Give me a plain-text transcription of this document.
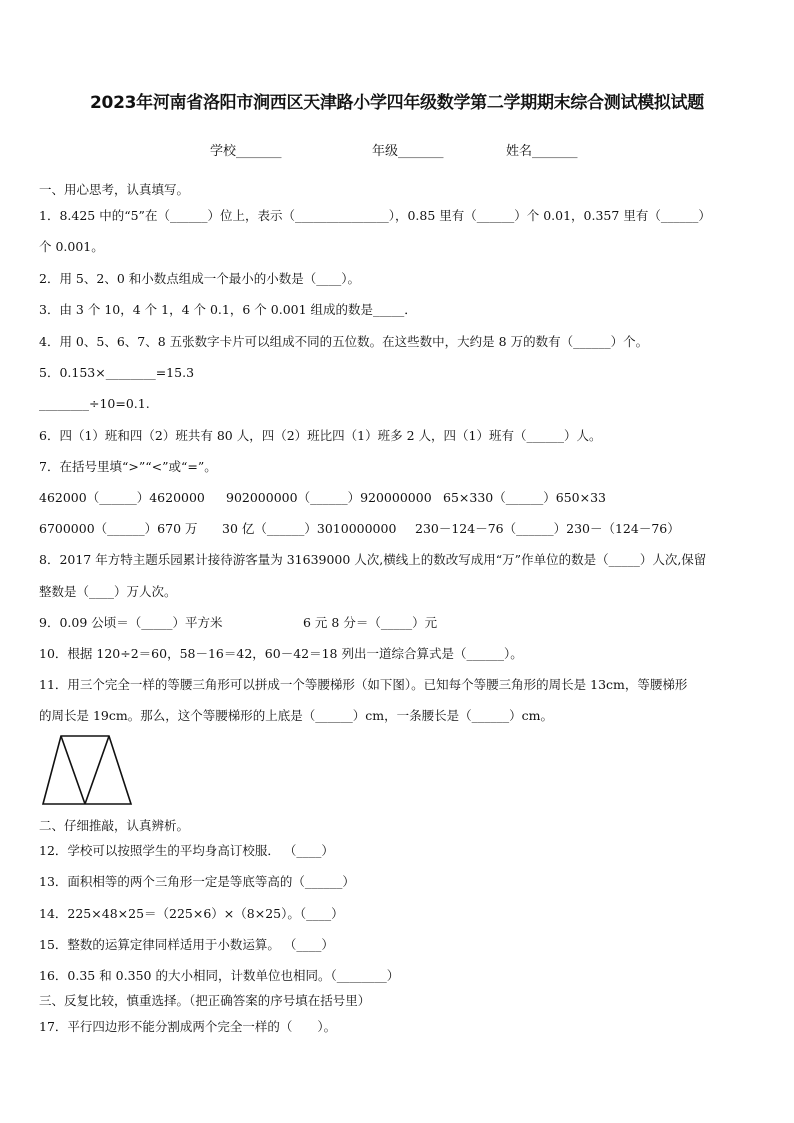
2023年河南省洛阳市涧西区天津路小学四年级数学第二学期期末综合测试模拟试题
学校_______	年级_______	姓名_______
一、用心思考，认真填写。
1．8.425 中的“5”在（______）位上，表示（_______________），0.85 里有（______）个 0.01，0.357 里有（______）
个 0.001。
2．用 5、2、0 和小数点组成一个最小的小数是（____）。
3．由 3 个 10，4 个 1，4 个 0.1，6 个 0.001 组成的数是_____．
4．用 0、5、6、7、8 五张数字卡片可以组成不同的五位数。在这些数中，大约是 8 万的数有（______）个。
5．0.153×________=15.3
________÷10=0.1.
6．四（1）班和四（2）班共有 80 人，四（2）班比四（1）班多 2 人，四（1）班有（______）人。
7．在括号里填“>”“<”或“=”。
462000（______）4620000 902000000（______）920000000 65×330（______）650×33
6700000（______）670 万 30 亿（______）3010000000 230－124－76（______）230－（124－76）
8．2017 年方特主题乐园累计接待游客量为 31639000 人次,横线上的数改写成用“万”作单位的数是（_____）人次,保留
整数是（____）万人次。
9．0.09 公顷＝（_____）平方米	6 元 8 分＝（_____）元
10．根据 120÷2＝60，58－16＝42，60－42＝18 列出一道综合算式是（______）。
11．用三个完全一样的等腰三角形可以拼成一个等腰梯形（如下图）。已知每个等腰三角形的周长是 13cm，等腰梯形
的周长是 19cm。那么，这个等腰梯形的上底是（______）cm，一条腰长是（______）cm。
二、仔细推敲，认真辨析。
12．学校可以按照学生的平均身高订校服． （____）
13．面积相等的两个三角形一定是等底等高的（______）
14．225×48×25＝（225×6）×（8×25）。（____）
15．整数的运算定律同样适用于小数运算。 （____）
16．0.35 和 0.350 的大小相同，计数单位也相同。（________）
三、反复比较，慎重选择。（把正确答案的序号填在括号里）
17．平行四边形不能分割成两个完全一样的（　　）。
